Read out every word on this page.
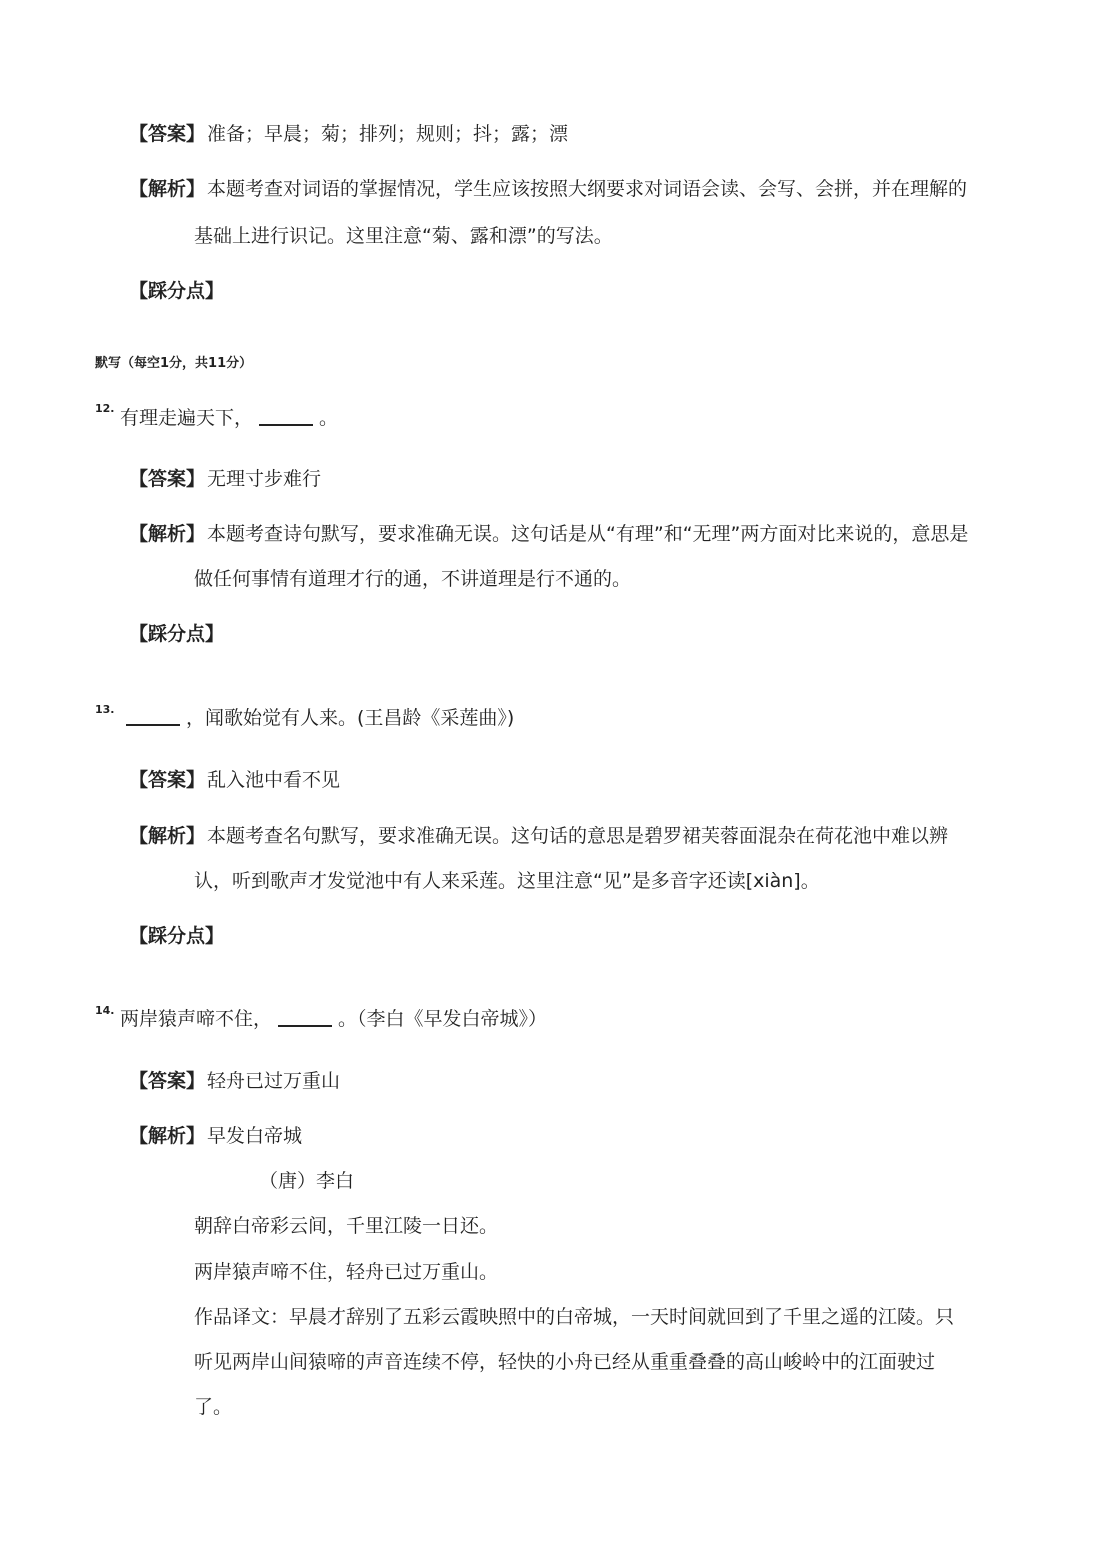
【答案】 准备；早晨；菊；排列；规则；抖；露；漂
【解析】 本题考查对词语的掌握情况，学生应该按照大纲要求对词语会读、会写、会拼，并在理解的
基础上进行识记。这里注意“菊、露和漂”的写法。
【踩分点】
默写（每空1分，共11分）
12. 有理走遍天下，	。
【答案】 无理寸步难行
【解析】 本题考查诗句默写，要求准确无误。这句话是从“有理”和“无理”两方面对比来说的，意思是
做任何事情有道理才行的通，不讲道理是行不通的。
【踩分点】
13.	，闻歌始觉有人来。(王昌龄《采莲曲》)
【答案】 乱入池中看不见
【解析】 本题考查名句默写，要求准确无误。这句话的意思是碧罗裙芙蓉面混杂在荷花池中难以辨
认，听到歌声才发觉池中有人来采莲。这里注意“见”是多音字还读[xiàn]。
【踩分点】
14. 两岸猿声啼不住，	。（李白《早发白帝城》）
【答案】 轻舟已过万重山
【解析】 早发白帝城
（唐）李白
朝辞白帝彩云间，千里江陵一日还。
两岸猿声啼不住，轻舟已过万重山。
作品译文：早晨才辞别了五彩云霞映照中的白帝城，一天时间就回到了千里之遥的江陵。只
听见两岸山间猿啼的声音连续不停，轻快的小舟已经从重重叠叠的高山峻岭中的江面驶过
了。
